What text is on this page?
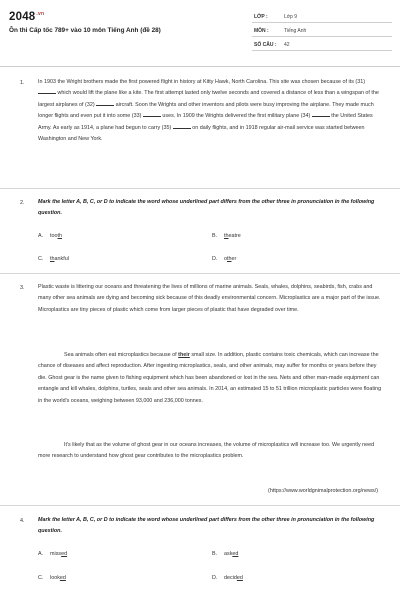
$2048^{.vn}$
Ôn thi Cấp tốc 789+ vào 10 môn Tiếng Anh (đề 28)
LỚP :	Lớp 9
MÔN :	Tiếng Anh
SỐ CÂU : 42
1.	In 1903 the Wright brothers made the first powered flight in history at Kitty Hawk, North Carolina. This site was chosen because of its (31)  which would lift the plane like a kite. The first attempt lasted only twelve seconds and covered a distance of less than a wingspan of the largest airplanes of (32)	aircraft. Soon the Wrights and other inventors and pilots were busy improving the airplane. They made much longer flights and even put it into some (33)	uses. In 1909 the Wrights delivered the first military plane (34)	the United States Army. As early as 1914, a plane had begun to carry (35)	on daily flights, and in 1918 regular air-mail service was started between Washington and New York.

2.	Mark the letter A, B, C, or D to indicate the word whose underlined part differs from the other three in pronunciation in the following question.

A. tooth	B. theatre
C. thankful	D. other
3.	Plastic waste is littering our oceans and threatening the lives of millions of marine animals. Seals, whales, dolphins, seabirds, fish, crabs and many other sea animals are dying and becoming sick because of this deadly environmental concern. Microplastics are a major part of the issue. Microplastics are tiny pieces of plastic which come from larger pieces of plastic that have degraded over time.

Sea animals often eat microplastics because of their small size. In addition, plastic contains toxic chemicals, which can increase the chance of diseases and affect reproduction. After ingesting microplastics, seals, and other animals, may suffer for months or years before they die. Ghost gear is the name given to fishing equipment which has been abandoned or lost in the sea. Nets and other man-made equipment can entangle and kill whales, dolphins, turtles, seals and other sea animals. In 2014, an estimated 15 to 51 trillion microplastic particles were floating in the world's oceans, weighing between 93,000 and 236,000 tonnes.

It's likely that as the volume of ghost gear in our oceans increases, the volume of microplastics will increase too. We urgently need more research to understand how ghost gear contributes to the microplastics problem.

(https://www.worldgnimalprotection.org/news/)
4.	Mark the letter A, B, C, or D to indicate the word whose underlined part differs from the other three in pronunciation in the following question.

A. missed	B. asked
C. looked	D. decided
